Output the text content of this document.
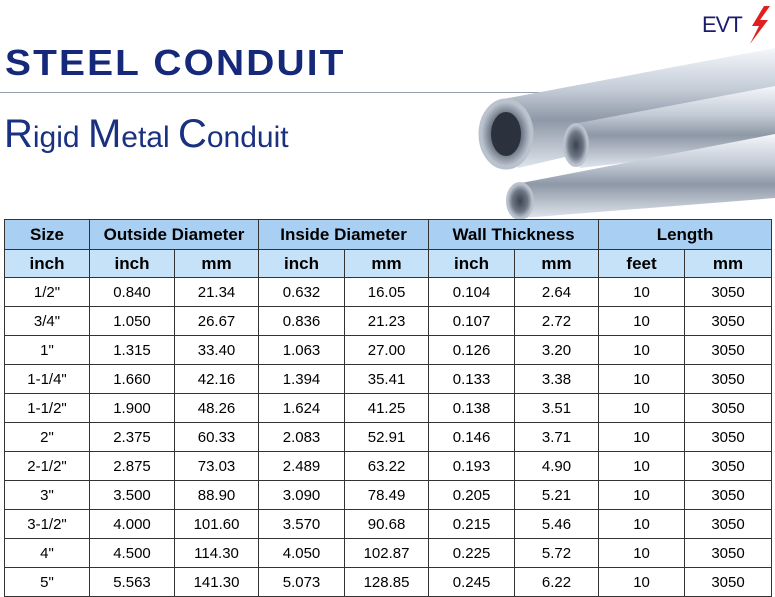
EVT
STEEL CONDUIT
Rigid Metal Conduit
Size	Outside Diameter		Inside Diameter		Wall Thickness		Length	
inch	inch	mm	inch	mm	inch	mm	feet	mm
1/2"	0.840	21.34	0.632	16.05	0.104	2.64	10	3050
3/4"	1.050	26.67	0.836	21.23	0.107	2.72	10	3050
1"	1.315	33.40	1.063	27.00	0.126	3.20	10	3050
1-1/4"	1.660	42.16	1.394	35.41	0.133	3.38	10	3050
1-1/2"	1.900	48.26	1.624	41.25	0.138	3.51	10	3050
2"	2.375	60.33	2.083	52.91	0.146	3.71	10	3050
2-1/2"	2.875	73.03	2.489	63.22	0.193	4.90	10	3050
3"	3.500	88.90	3.090	78.49	0.205	5.21	10	3050
3-1/2"	4.000	101.60	3.570	90.68	0.215	5.46	10	3050
4"	4.500	114.30	4.050	102.87	0.225	5.72	10	3050
5"	5.563	141.30	5.073	128.85	0.245	6.22	10	3050
